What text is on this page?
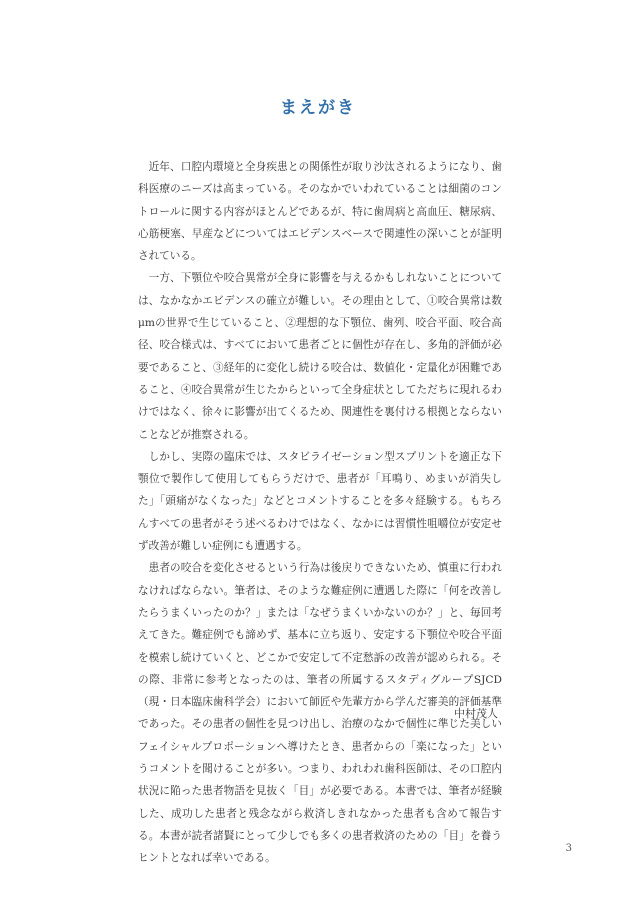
まえがき

近年、口腔内環境と全身疾患との関係性が取り沙汰されるようになり、歯科医療のニーズは高まっている。そのなかでいわれていることは細菌のコントロールに関する内容がほとんどであるが、特に歯周病と高血圧、糖尿病、心筋梗塞、早産などについてはエビデンスベースで関連性の深いことが証明されている。

一方、下顎位や咬合異常が全身に影響を与えるかもしれないことについては、なかなかエビデンスの確立が難しい。その理由として、①咬合異常は数μmの世界で生じていること、②理想的な下顎位、歯列、咬合平面、咬合高径、咬合様式は、すべてにおいて患者ごとに個性が存在し、多角的評価が必要であること、③経年的に変化し続ける咬合は、数値化・定量化が困難であること、④咬合異常が生じたからといって全身症状としてただちに現れるわけではなく、徐々に影響が出てくるため、関連性を裏付ける根拠とならないことなどが推察される。

しかし、実際の臨床では、スタビライゼーション型スプリントを適正な下顎位で製作して使用してもらうだけで、患者が「耳鳴り、めまいが消失した」「頭痛がなくなった」などとコメントすることを多々経験する。もちろんすべての患者がそう述べるわけではなく、なかには習慣性咀嚼位が安定せず改善が難しい症例にも遭遇する。

患者の咬合を変化させるという行為は後戻りできないため、慎重に行われなければならない。筆者は、そのような難症例に遭遇した際に「何を改善したらうまくいったのか？」または「なぜうまくいかないのか？」と、毎回考えてきた。難症例でも諦めず、基本に立ち返り、安定する下顎位や咬合平面を模索し続けていくと、どこかで安定して不定愁訴の改善が認められる。その際、非常に参考となったのは、筆者の所属するスタディグループSJCD（現・日本臨床歯科学会）において師匠や先輩方から学んだ審美的評価基準であった。その患者の個性を見つけ出し、治療のなかで個性に準じた美しいフェイシャルプロポーションへ導けたとき、患者からの「楽になった」というコメントを聞けることが多い。つまり、われわれ歯科医師は、その口腔内状況に陥った患者物語を見抜く「目」が必要である。本書では、筆者が経験した、成功した患者と残念ながら救済しきれなかった患者も含めて報告する。本書が読者諸賢にとって少しでも多くの患者救済のための「目」を養うヒントとなれば幸いである。

中村茂人
3
